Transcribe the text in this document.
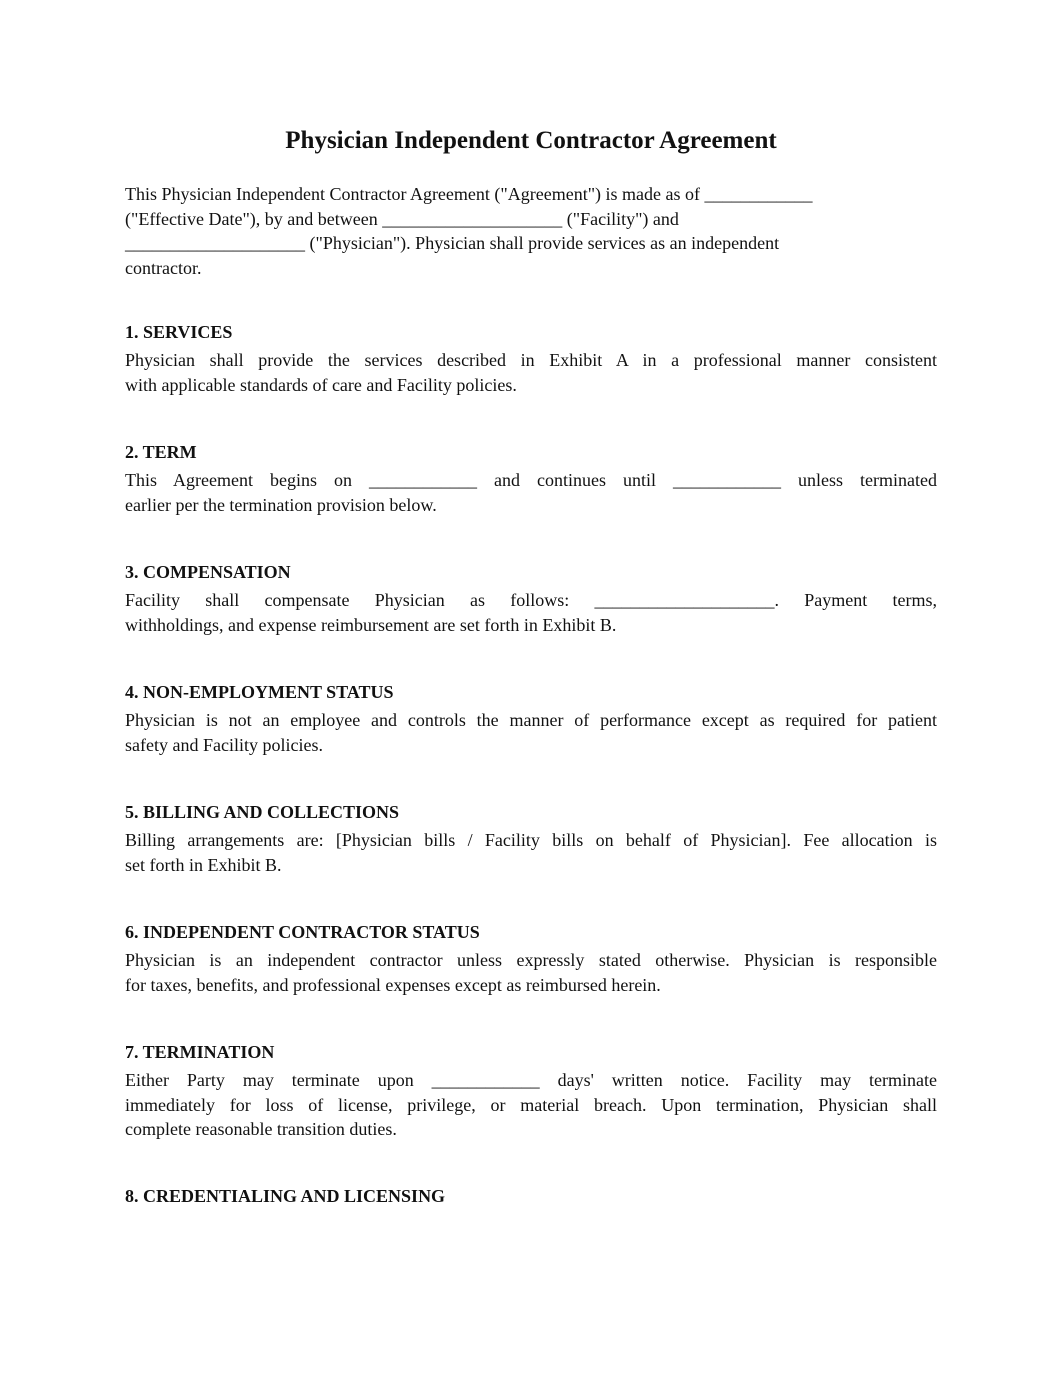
Physician Independent Contractor Agreement

This Physician Independent Contractor Agreement ("Agreement") is made as of ____________
("Effective Date"), by and between ____________________ ("Facility") and
____________________ ("Physician"). Physician shall provide services as an independent
contractor.

1. SERVICES

Physician shall provide the services described in Exhibit A in a professional manner consistent
with applicable standards of care and Facility policies.

2. TERM

This Agreement begins on ____________ and continues until ____________ unless terminated
earlier per the termination provision below.

3. COMPENSATION

Facility shall compensate Physician as follows: ____________________. Payment terms,
withholdings, and expense reimbursement are set forth in Exhibit B.

4. NON-EMPLOYMENT STATUS

Physician is not an employee and controls the manner of performance except as required for patient
safety and Facility policies.

5. BILLING AND COLLECTIONS

Billing arrangements are: [Physician bills / Facility bills on behalf of Physician]. Fee allocation is
set forth in Exhibit B.

6. INDEPENDENT CONTRACTOR STATUS

Physician is an independent contractor unless expressly stated otherwise. Physician is responsible
for taxes, benefits, and professional expenses except as reimbursed herein.

7. TERMINATION

Either Party may terminate upon ____________ days' written notice. Facility may terminate
immediately for loss of license, privilege, or material breach. Upon termination, Physician shall
complete reasonable transition duties.

8. CREDENTIALING AND LICENSING
